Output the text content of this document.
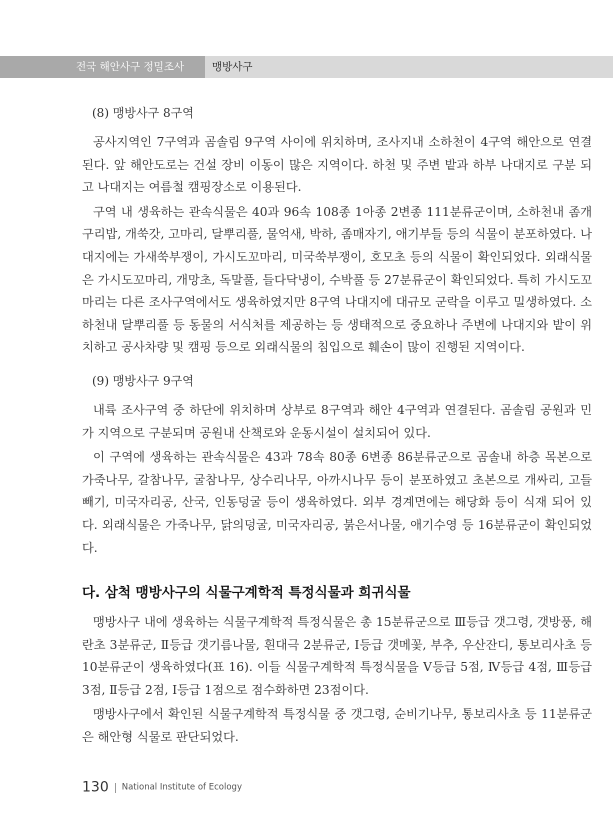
전국 해안사구 정밀조사	맹방사구
(8) 맹방사구 8구역

공사지역인 7구역과 곰솔림 9구역 사이에 위치하며, 조사지내 소하천이 4구역 해안으로 연결된다. 앞 해안도로는 건설 장비 이동이 많은 지역이다. 하천 및 주변 밭과 하부 나대지로 구분 되고 나대지는 여름철 캠핑장소로 이용된다.

구역 내 생육하는 관속식물은 40과 96속 108종 1아종 2변종 111분류군이며, 소하천내 좀개구리밥, 개쑥갓, 고마리, 달뿌리풀, 물억새, 박하, 좀매자기, 애기부들 등의 식물이 분포하였다. 나대지에는 가새쑥부쟁이, 가시도꼬마리, 미국쑥부쟁이, 호모초 등의 식물이 확인되었다. 외래식물은 가시도꼬마리, 개망초, 독말풀, 들다닥냉이, 수박풀 등 27분류군이 확인되었다. 특히 가시도꼬마리는 다른 조사구역에서도 생육하였지만 8구역 나대지에 대규모 군락을 이루고 밀생하였다. 소하천내 달뿌리풀 등 동물의 서식처를 제공하는 등 생태적으로 중요하나 주변에 나대지와 밭이 위치하고 공사차량 및 캠핑 등으로 외래식물의 침입으로 훼손이 많이 진행된 지역이다.

(9) 맹방사구 9구역

내륙 조사구역 중 하단에 위치하며 상부로 8구역과 해안 4구역과 연결된다. 곰솔림 공원과 민가 지역으로 구분되며 공원내 산책로와 운동시설이 설치되어 있다.

이 구역에 생육하는 관속식물은 43과 78속 80종 6변종 86분류군으로 곰솔내 하층 목본으로 가죽나무, 갈참나무, 굴참나무, 상수리나무, 아까시나무 등이 분포하였고 초본으로 개싸리, 고들빼기, 미국자리공, 산국, 인동덩굴 등이 생육하였다. 외부 경계면에는 해당화 등이 식재 되어 있다. 외래식물은 가죽나무, 닭의덩굴, 미국자리공, 붉은서나물, 애기수영 등 16분류군이 확인되었다.

다. 삼척 맹방사구의 식물구계학적 특정식물과 희귀식물

맹방사구 내에 생육하는 식물구계학적 특정식물은 총 15분류군으로 Ⅲ등급 갯그령, 갯방풍, 해란초 3분류군, Ⅱ등급 갯기름나물, 흰대극 2분류군, Ⅰ등급 갯메꽃, 부추, 우산잔디, 통보리사초 등 10분류군이 생육하였다(표 16). 이들 식물구계학적 특정식물을 Ⅴ등급 5점, Ⅳ등급 4점, Ⅲ등급 3점, Ⅱ등급 2점, Ⅰ등급 1점으로 점수화하면 23점이다.

맹방사구에서 확인된 식물구계학적 특정식물 중 갯그령, 순비기나무, 통보리사초 등 11분류군은 해안형 식물로 판단되었다.

130 National Institute of Ecology
